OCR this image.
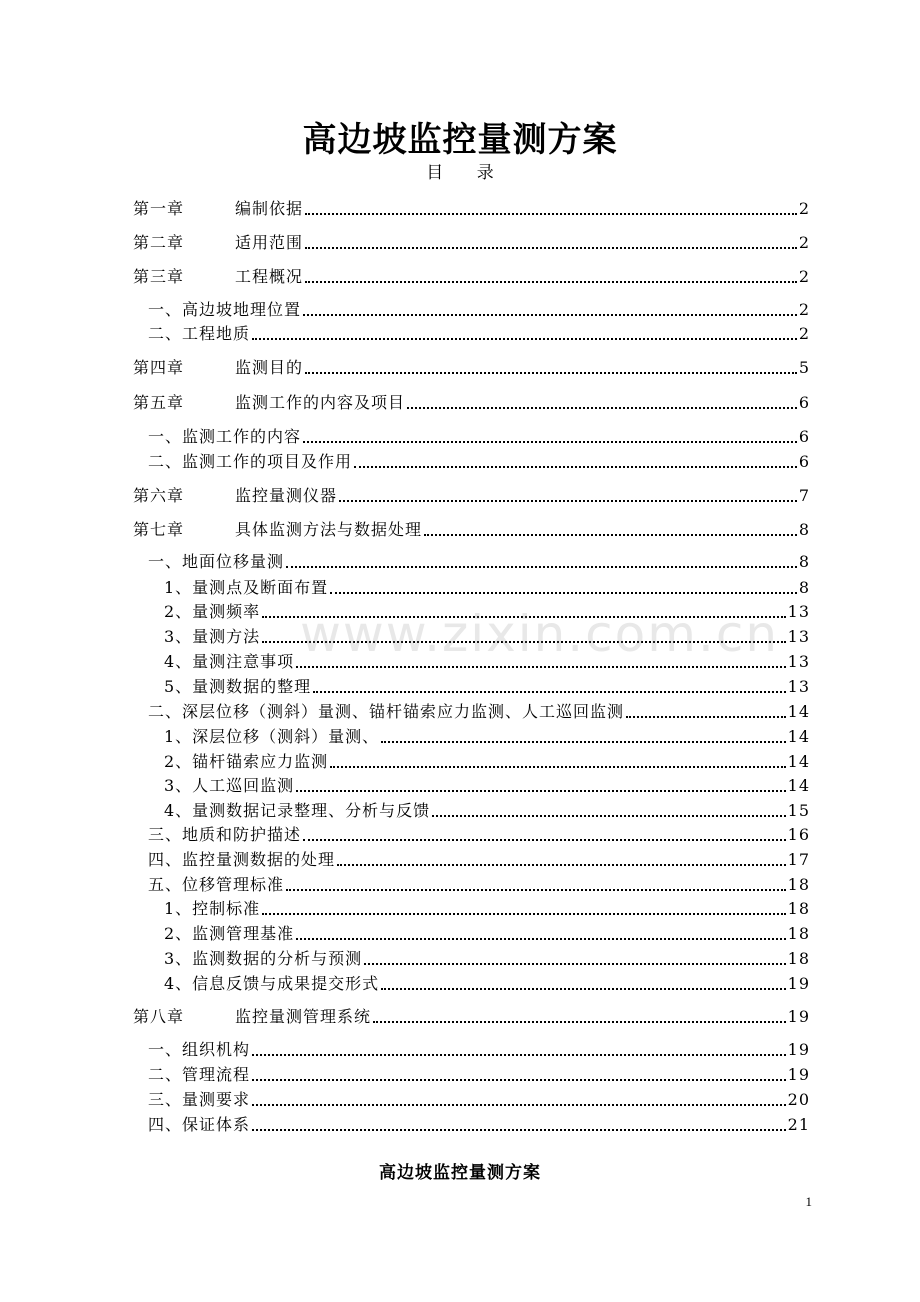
高边坡监控量测方案
目 录
第一章	编制依据	2
第二章	适用范围	2
第三章	工程概况	2
一、高边坡地理位置	2
二、工程地质	2
第四章	监测目的	5
第五章	监测工作的内容及项目	6
一、监测工作的内容	6
二、监测工作的项目及作用	6
第六章	监控量测仪器	7
第七章	具体监测方法与数据处理	8
一、地面位移量测	8
1、量测点及断面布置	8
2、量测频率	13
3、量测方法	13
4、量测注意事项	13
5、量测数据的整理	13
二、深层位移（测斜）量测、锚杆锚索应力监测、人工巡回监测	14
1、深层位移（测斜）量测、	14
2、锚杆锚索应力监测	14
3、人工巡回监测	14
4、量测数据记录整理、分析与反馈	15
三、地质和防护描述	16
四、监控量测数据的处理	17
五、位移管理标准	18
1、控制标准	18
2、监测管理基准	18
3、监测数据的分析与预测	18
4、信息反馈与成果提交形式	19
第八章	监控量测管理系统	19
一、组织机构	19
二、管理流程	19
三、量测要求	20
四、保证体系	21
www.zixin.com.cn
高边坡监控量测方案
1
